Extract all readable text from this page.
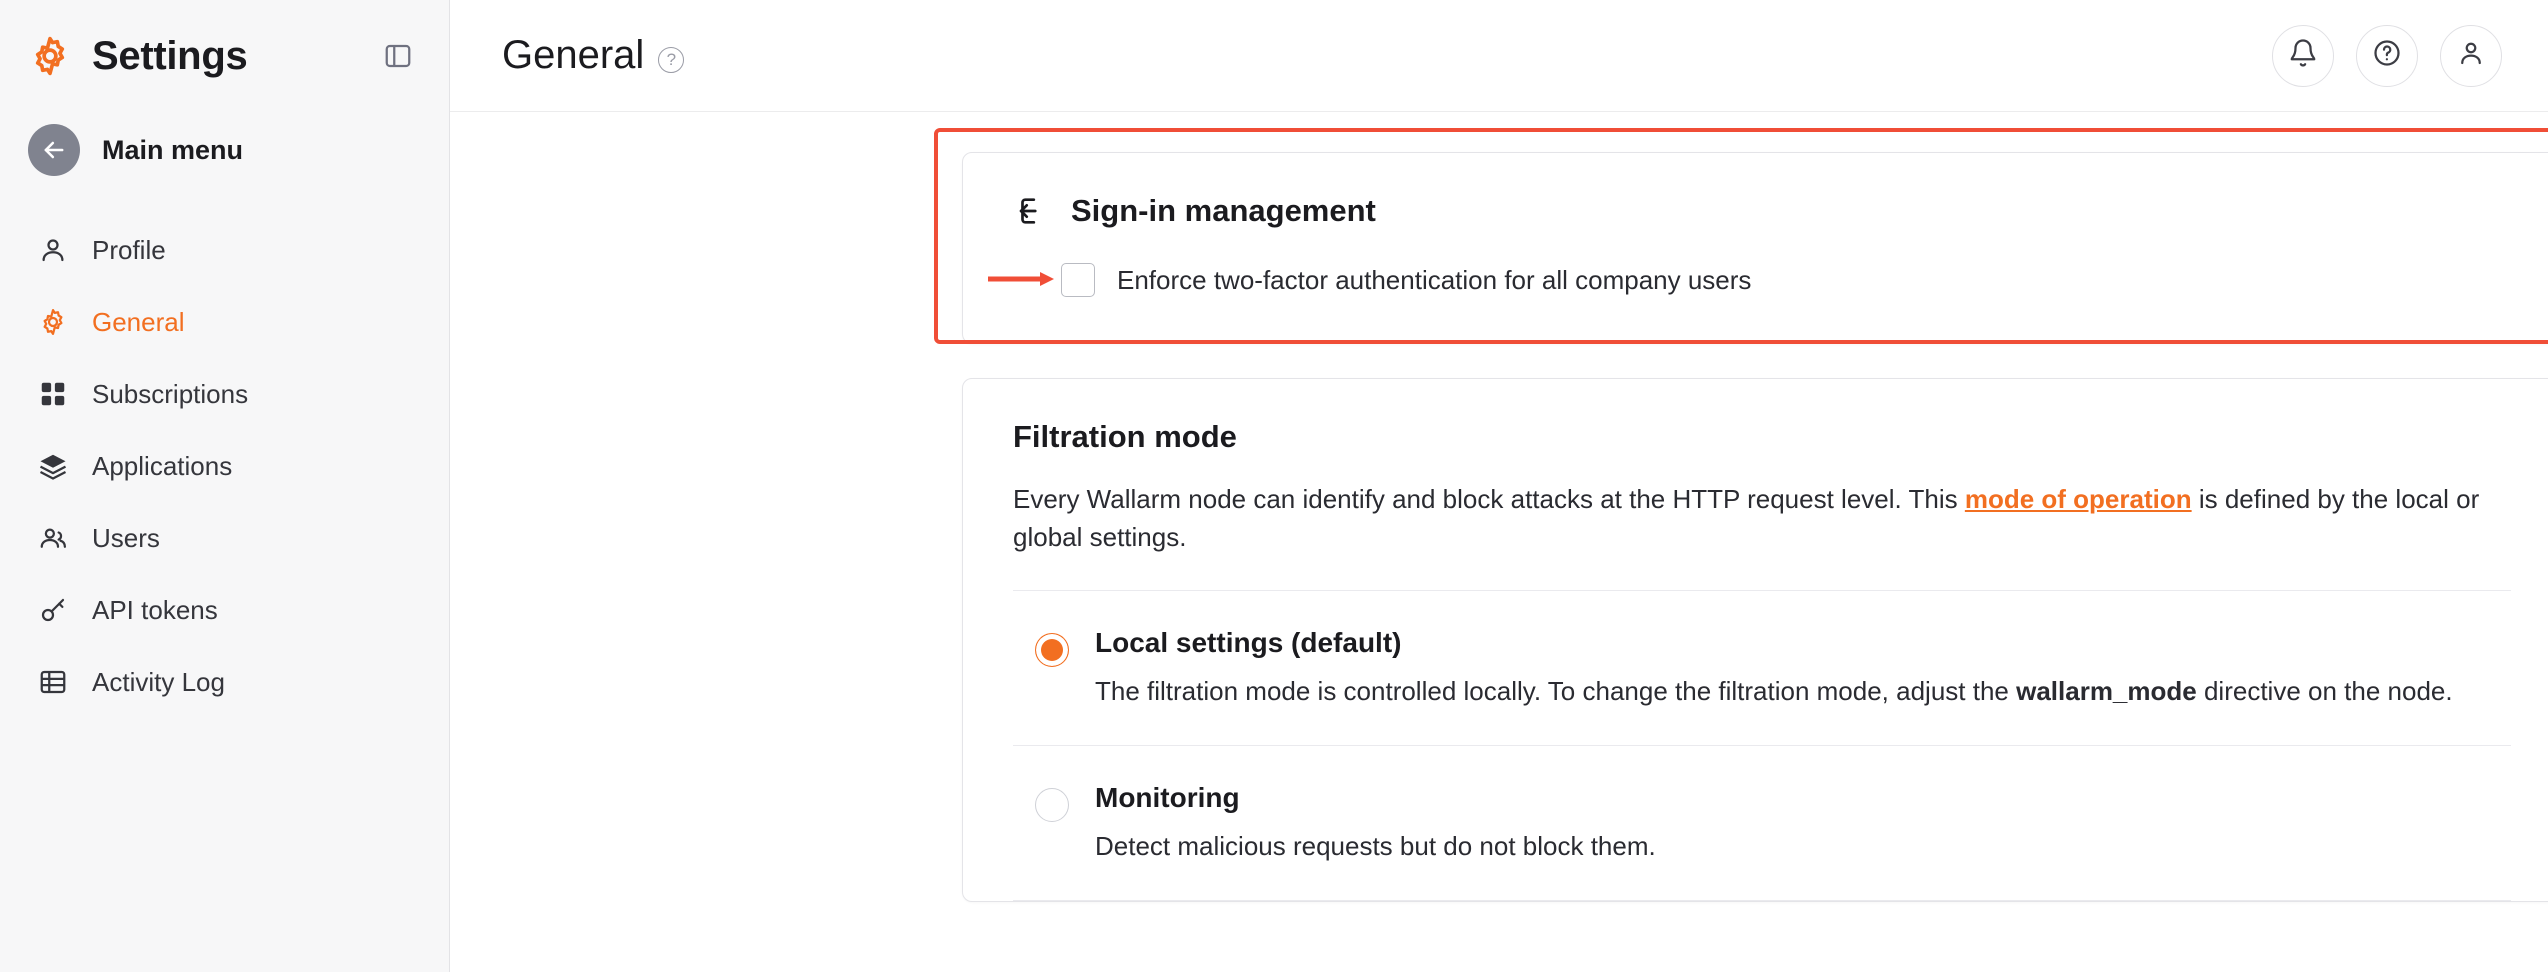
Settings
Main menu
Profile
General
Subscriptions
Applications
Users
API tokens
Activity Log
General	?
Sign-in management
Enforce two-factor authentication for all company users
Filtration mode
Every Wallarm node can identify and block attacks at the HTTP request level. This mode of operation is defined by the local or global settings.
Local settings (default)
The filtration mode is controlled locally. To change the filtration mode, adjust the wallarm_mode directive on the node.
Monitoring
Detect malicious requests but do not block them.
